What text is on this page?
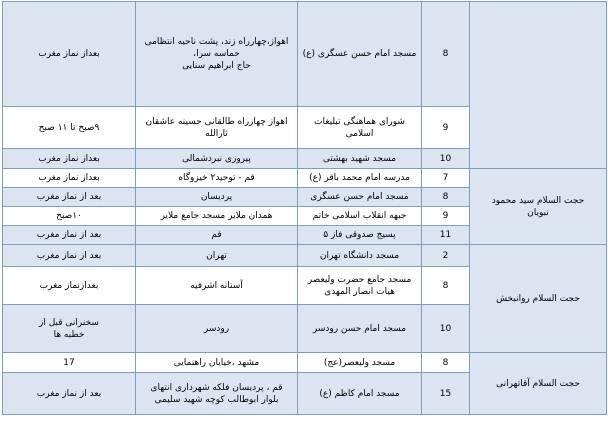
	8	مسجد امام حسن عسگری (ع)	اهواز،چهارراه زند، پشت ناحیه انتظامی
حماسه سرا،
حاج ابراهیم سنایی	بعداز نماز مغرب
	9	شورای هماهنگی تبلیغات اسلامی	اهواز چهارراه طالقانی حسینه عاشقان
ثارالله	۹صبح تا ۱۱ صبح
	10	مسجد شهید بهشتی	پیروزی نبردشمالی	بعداز نماز مغرب
حجت السلام سید محمود
نبویان	7	مدرسه امام محمد باقر (ع)	قم - توحید۲ خیزوگاه	بعداز نماز مغرب
	8	مسجد امام حسن عسگری	پردیسان	بعد از نماز مغرب
	9	جبهه انقلاب اسلامی خاتم	همدان ملایر مسجد جامع ملایر	۱۰صبح
	11	پسیج صدوقی فاز ۵	قم	بعد از نماز مغرب
حجت السلام روانبخش	2	مسجد دانشگاه تهران	تهران	بعد از نماز مغرب
	8	مسجد جامع حضرت ولیعصر
هیات انصار المهدی	آستانه اشرفیه	بعدازنماز مغرب
	10	مسجد امام حسن رودسر	رودسر	سخنرانی قبل از
خطبه ها
حجت السلام آقاتهرانی	8	مسجد ولیعصر(عج)	مشهد ،خیابان راهنمایی	17
	15	مسجد امام کاظم (ع)	قم ، پردیسان فلکه شهرداری انتهای
بلوار ابوطالب کوچه شهید سلیمی	بعد از نماز مغرب
